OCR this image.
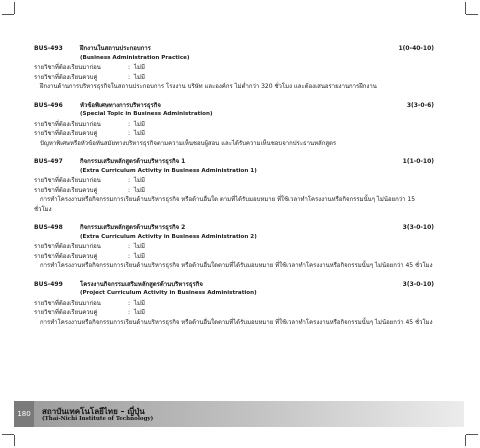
BUS-493	ฝึกงานในสถานประกอบการ	1(0-40-10)
(Business Administration Practice)
รายวิชาที่ต้องเรียนมาก่อน	: ไม่มี
รายวิชาที่ต้องเรียนควบคู่	: ไม่มี
ฝึกงานด้านการบริหารธุรกิจในสถานประกอบการ โรงงาน บริษัท และองค์กร ไม่ต่ำกว่า 320 ชั่วโมง และต้องเสนอรายงานการฝึกงาน
BUS-496	หัวข้อพิเศษทางการบริหารธุรกิจ	3(3-0-6)
(Special Topic in Business Administration)
รายวิชาที่ต้องเรียนมาก่อน	: ไม่มี
รายวิชาที่ต้องเรียนควบคู่	: ไม่มี
ปัญหาพิเศษหรือหัวข้อทันสมัยทางบริหารธุรกิจตามความเห็นชอบผู้สอน และได้รับความเห็นชอบจากประธานหลักสูตร
BUS-497	กิจกรรมเสริมหลักสูตรด้านบริหารธุรกิจ 1	1(1-0-10)
(Extra Curriculum Activity in Business Administration 1)
รายวิชาที่ต้องเรียนมาก่อน	: ไม่มี
รายวิชาที่ต้องเรียนควบคู่	: ไม่มี
การทำโครงงานหรือกิจกรรมการเรียนด้านบริหารธุรกิจ หรือด้านอื่นใด ตามที่ได้รับมอบหมาย ที่ใช้เวลาทำโครงงานหรือกิจกรรมนั้นๆ ไม่น้อยกว่า 15 ชั่วโมง
BUS-498	กิจกรรมเสริมหลักสูตรด้านบริหารธุรกิจ 2	3(3-0-10)
(Extra Curriculum Activity in Business Administration 2)
รายวิชาที่ต้องเรียนมาก่อน	: ไม่มี
รายวิชาที่ต้องเรียนควบคู่	: ไม่มี
การทำโครงงานหรือกิจกรรมการเรียนด้านบริหารธุรกิจ หรือด้านอื่นใดตามที่ได้รับมอบหมาย ที่ใช้เวลาทำโครงงานหรือกิจกรรมนั้นๆ ไม่น้อยกว่า 45 ชั่วโมง
BUS-499	โครงงานกิจกรรมเสริมหลักสูตรด้านบริหารธุรกิจ	3(3-0-10)
(Project Curriculum Activity in Business Administration)
รายวิชาที่ต้องเรียนมาก่อน	: ไม่มี
รายวิชาที่ต้องเรียนควบคู่	: ไม่มี
การทำโครงงานหรือกิจกรรมการเรียนด้านบริหารธุรกิจ หรือด้านอื่นใดตามที่ได้รับมอบหมาย ที่ใช้เวลาทำโครงงานหรือกิจกรรมนั้นๆ ไม่น้อยกว่า 45 ชั่วโมง
180	สถาบันเทคโนโลยีไทย – ญี่ปุ่น
(Thai-Nichi Institute of Technology)
